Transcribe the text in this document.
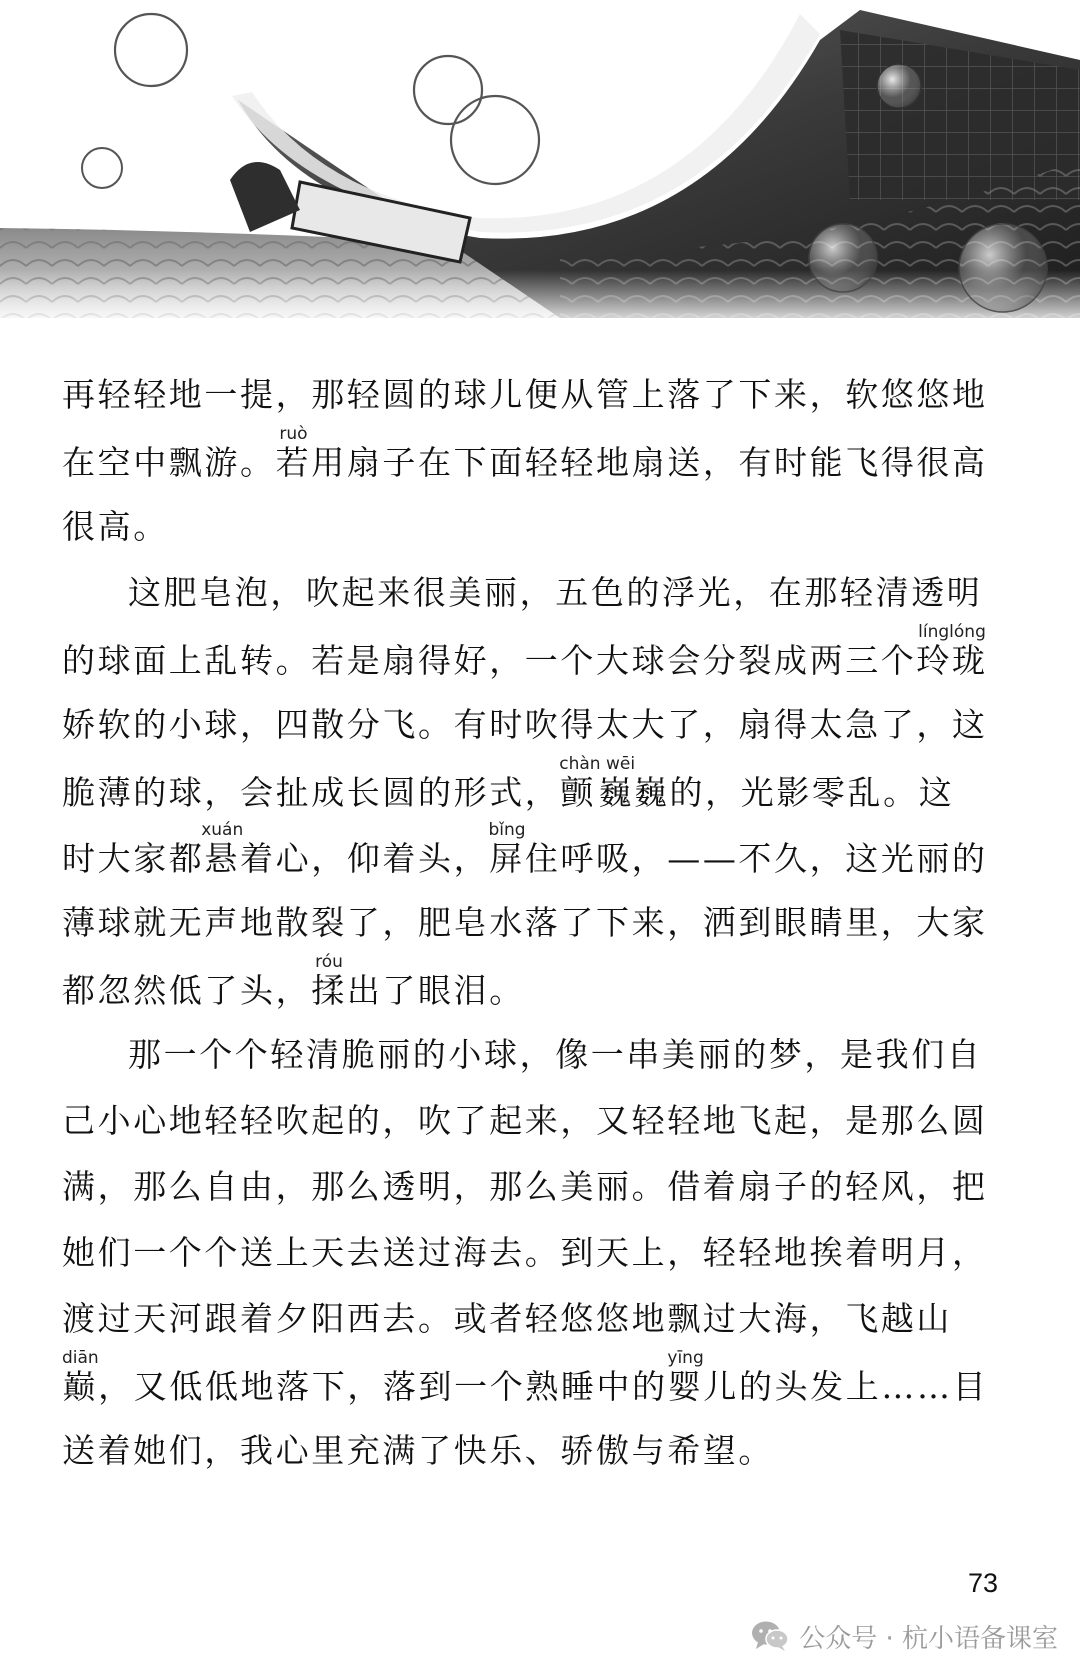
再轻轻地一提，那轻圆的球儿便从管上落了下来，软悠悠地
在空中飘游。若ruò用扇子在下面轻轻地扇送，有时能飞得很高
很高。
这肥皂泡，吹起来很美丽，五色的浮光，在那轻清透明
的球面上乱转。若是扇得好，一个大球会分裂成两三个玲珑línglóng
娇软的小球，四散分飞。有时吹得太大了，扇得太急了，这
脆薄的球，会扯成长圆的形式，颤巍chàn wēi巍的，光影零乱。这
时大家都悬xuán着心，仰着头，屏bǐng住呼吸，——不久，这光丽的
薄球就无声地散裂了，肥皂水落了下来，洒到眼睛里，大家
都忽然低了头，揉róu出了眼泪。
那一个个轻清脆丽的小球，像一串美丽的梦，是我们自
己小心地轻轻吹起的，吹了起来，又轻轻地飞起，是那么圆
满，那么自由，那么透明，那么美丽。借着扇子的轻风，把
她们一个个送上天去送过海去。到天上，轻轻地挨着明月，
渡过天河跟着夕阳西去。或者轻悠悠地飘过大海，飞越山
巅diān，又低低地落下，落到一个熟睡中的婴yīng儿的头发上……目
送着她们，我心里充满了快乐、骄傲与希望。
73
公众号 · 杭小语备课室
